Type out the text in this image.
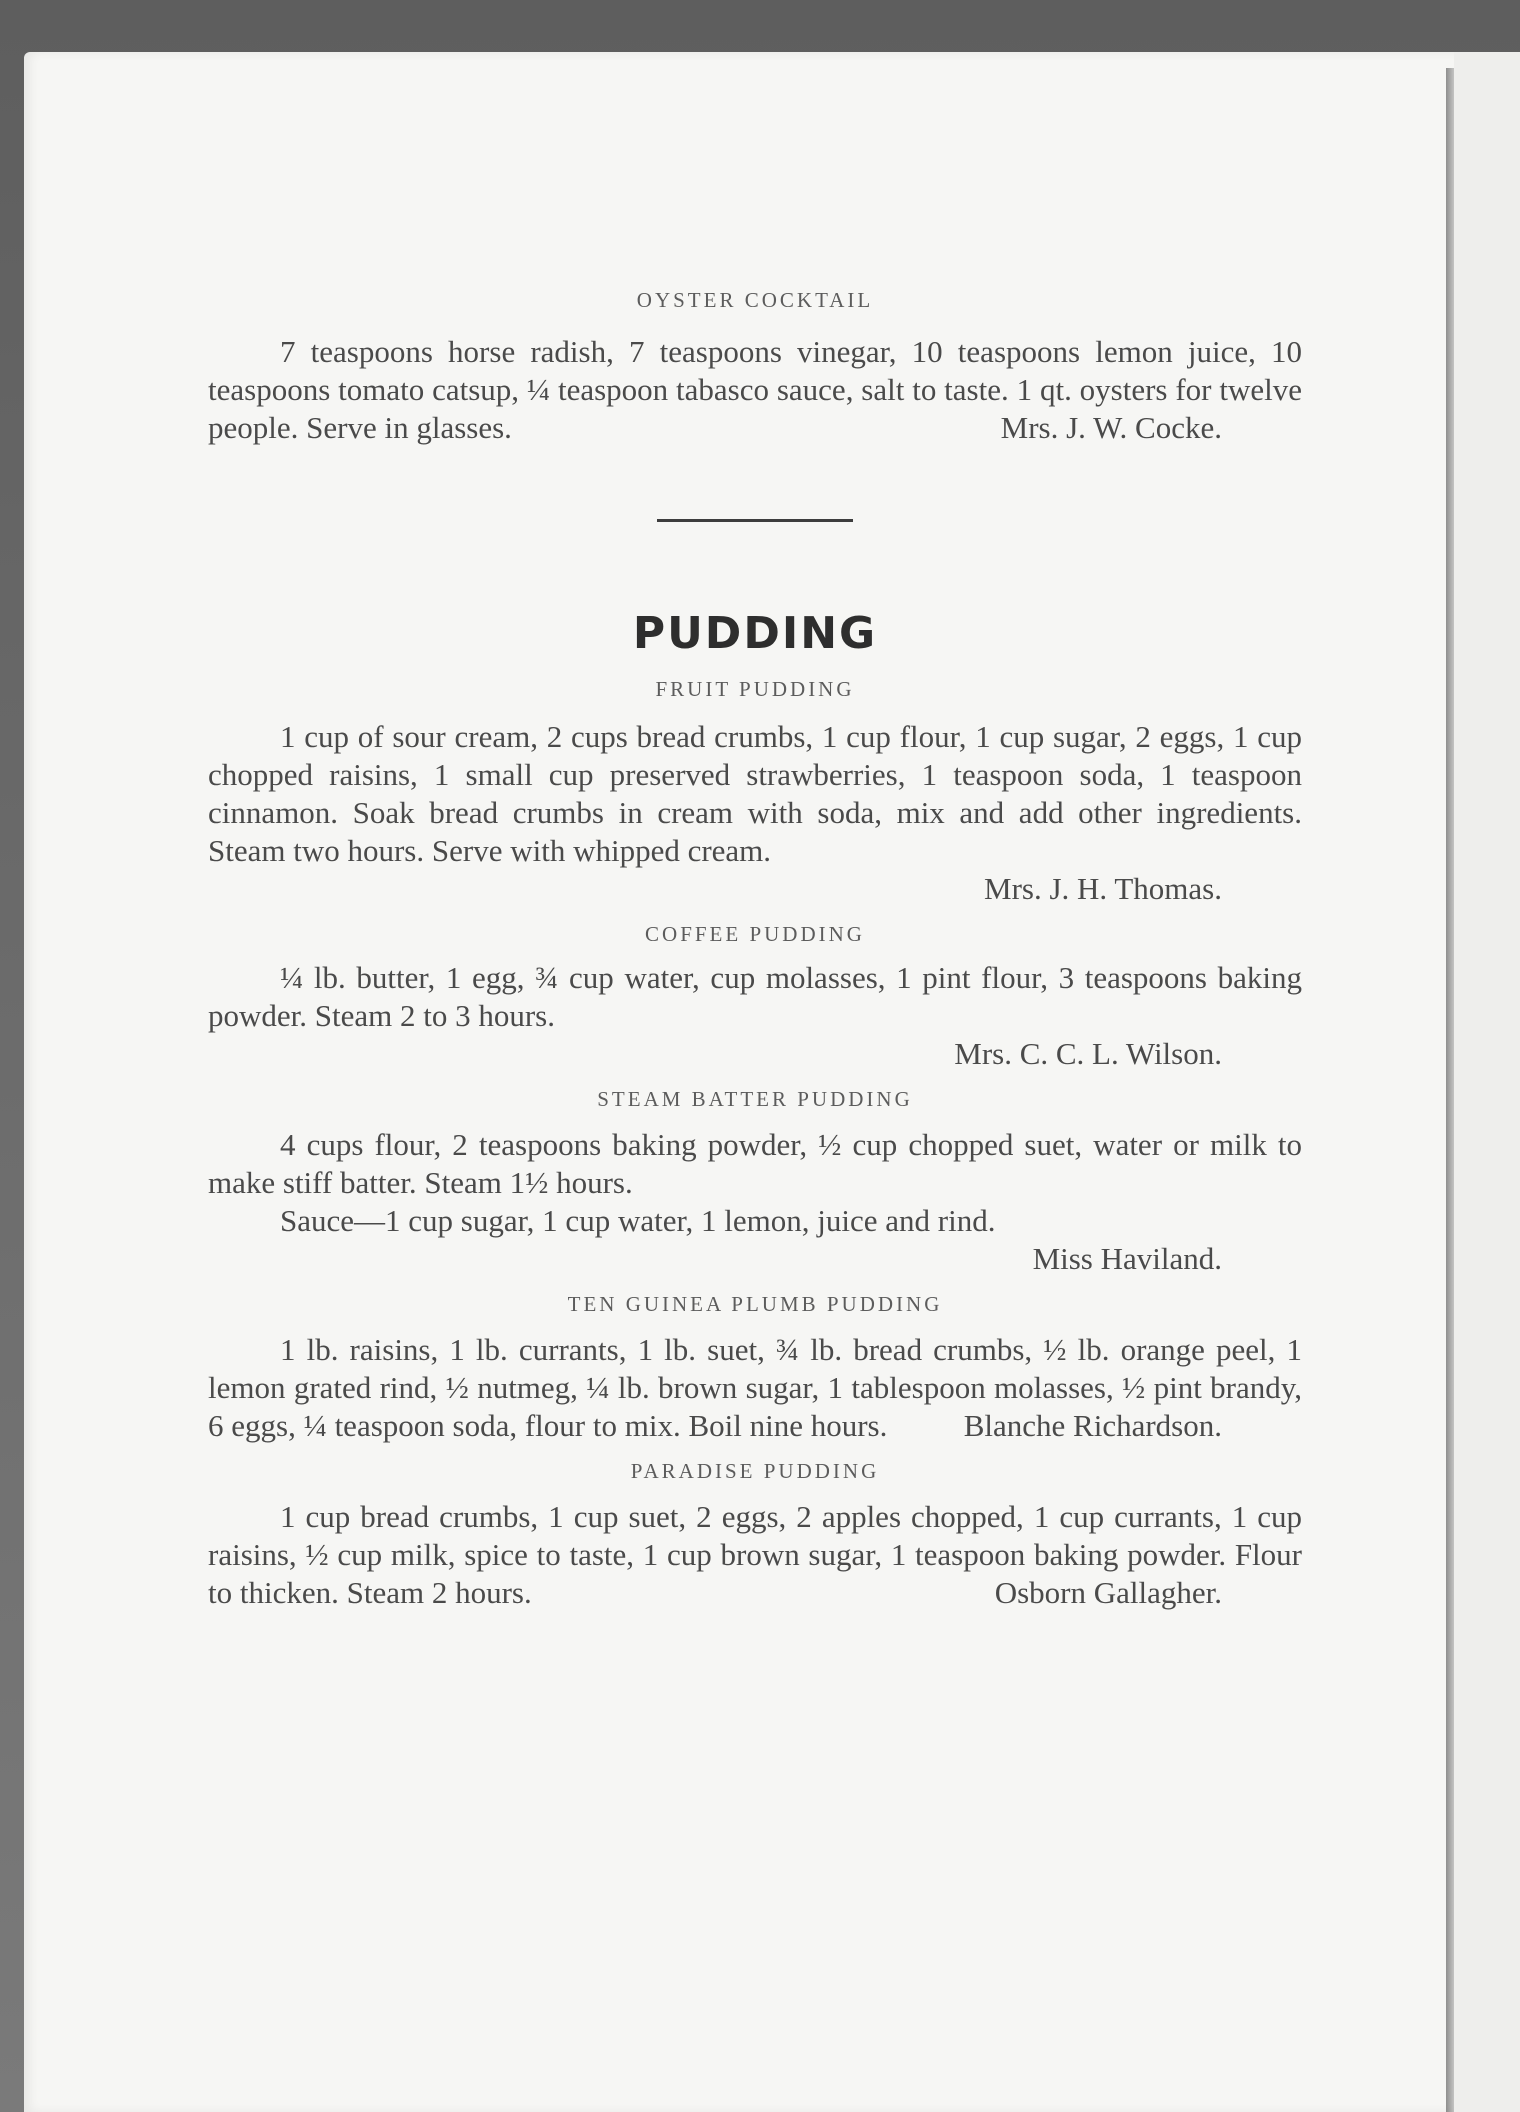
OYSTER COCKTAIL

7 teaspoons horse radish, 7 teaspoons vinegar, 10 teaspoons lemon juice, 10 teaspoons tomato catsup, ¼ teaspoon tabasco sauce, salt to taste. 1 qt. oysters for twelve people. Serve in glasses.	Mrs. J. W. Cocke.

PUDDING

FRUIT PUDDING

1 cup of sour cream, 2 cups bread crumbs, 1 cup flour, 1 cup sugar, 2 eggs, 1 cup chopped raisins, 1 small cup preserved strawberries, 1 teaspoon soda, 1 teaspoon cinnamon. Soak bread crumbs in cream with soda, mix and add other ingredients. Steam two hours. Serve with whipped cream.

Mrs. J. H. Thomas.

COFFEE PUDDING

¼ lb. butter, 1 egg, ¾ cup water, cup molasses, 1 pint flour, 3 teaspoons baking powder. Steam 2 to 3 hours.

Mrs. C. C. L. Wilson.

STEAM BATTER PUDDING

4 cups flour, 2 teaspoons baking powder, ½ cup chopped suet, water or milk to make stiff batter. Steam 1½ hours.

Sauce—1 cup sugar, 1 cup water, 1 lemon, juice and rind.

Miss Haviland.

TEN GUINEA PLUMB PUDDING

1 lb. raisins, 1 lb. currants, 1 lb. suet, ¾ lb. bread crumbs, ½ lb. orange peel, 1 lemon grated rind, ½ nutmeg, ¼ lb. brown sugar, 1 tablespoon molasses, ½ pint brandy, 6 eggs, ¼ teaspoon soda, flour to mix. Boil nine hours.	Blanche Richardson.

PARADISE PUDDING

1 cup bread crumbs, 1 cup suet, 2 eggs, 2 apples chopped, 1 cup currants, 1 cup raisins, ½ cup milk, spice to taste, 1 cup brown sugar, 1 teaspoon baking powder. Flour to thicken. Steam 2 hours.	Osborn Gallagher.
